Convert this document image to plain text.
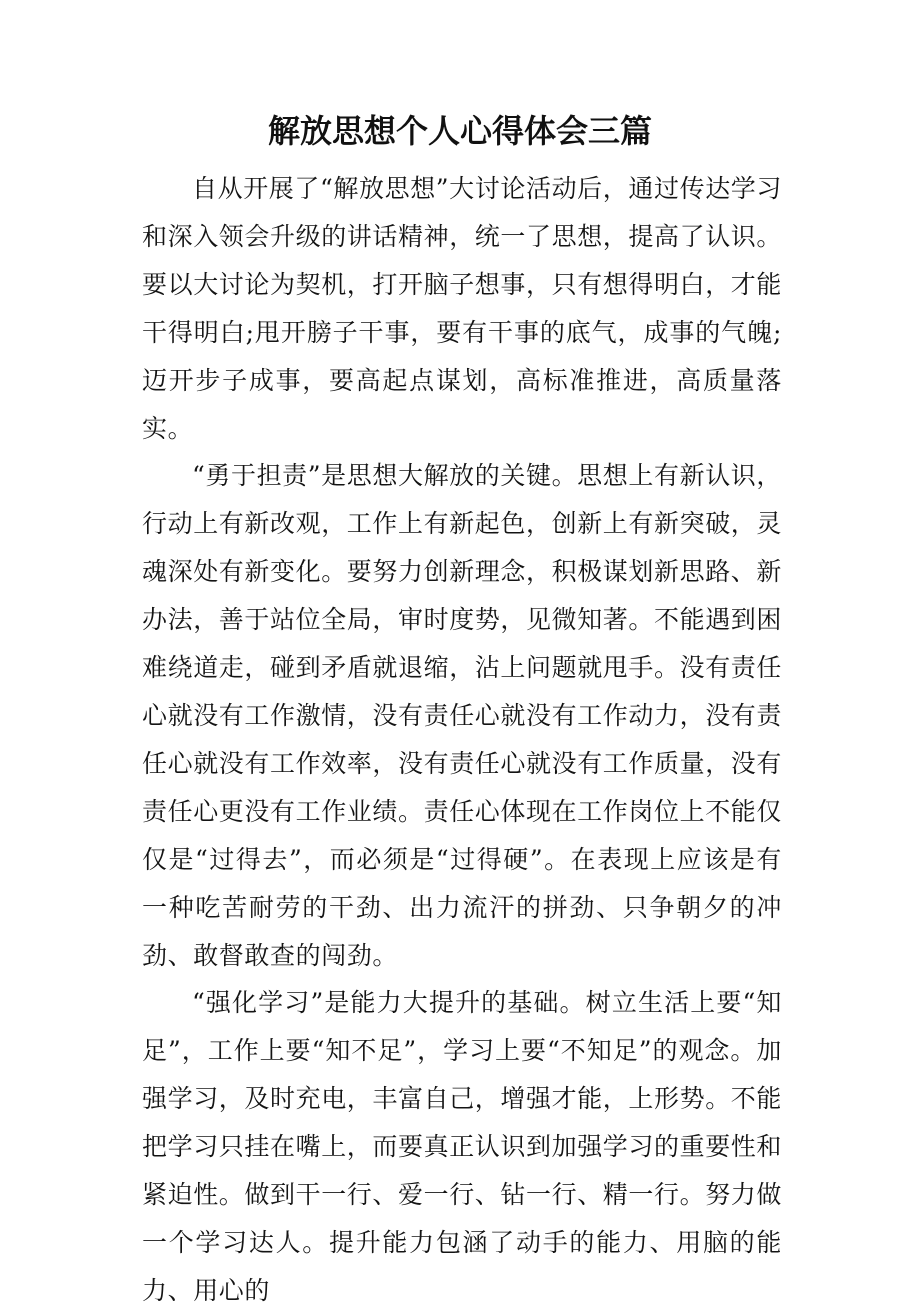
解放思想个人心得体会三篇

自从开展了“解放思想”大讨论活动后，通过传达学习和深入领会升级的讲话精神，统一了思想，提高了认识。要以大讨论为契机，打开脑子想事，只有想得明白，才能干得明白;甩开膀子干事，要有干事的底气，成事的气魄;迈开步子成事，要高起点谋划，高标准推进，高质量落实。

“勇于担责”是思想大解放的关键。思想上有新认识，行动上有新改观，工作上有新起色，创新上有新突破，灵魂深处有新变化。要努力创新理念，积极谋划新思路、新办法，善于站位全局，审时度势，见微知著。不能遇到困难绕道走，碰到矛盾就退缩，沾上问题就甩手。没有责任心就没有工作激情，没有责任心就没有工作动力，没有责任心就没有工作效率，没有责任心就没有工作质量，没有责任心更没有工作业绩。责任心体现在工作岗位上不能仅仅是“过得去”，而必须是“过得硬”。在表现上应该是有一种吃苦耐劳的干劲、出力流汗的拼劲、只争朝夕的冲劲、敢督敢查的闯劲。

“强化学习”是能力大提升的基础。树立生活上要“知足”，工作上要“知不足”，学习上要“不知足”的观念。加强学习，及时充电，丰富自己，增强才能，上形势。不能把学习只挂在嘴上，而要真正认识到加强学习的重要性和紧迫性。做到干一行、爱一行、钻一行、精一行。努力做一个学习达人。提升能力包涵了动手的能力、用脑的能力、用心的
